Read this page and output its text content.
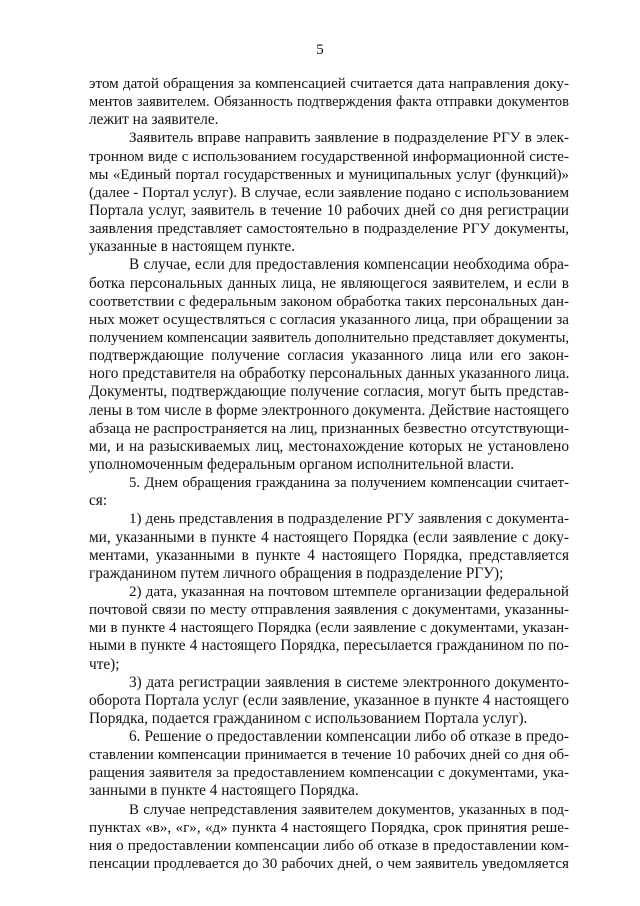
5
этом датой обращения за компенсацией считается дата направления доку-
ментов заявителем. Обязанность подтверждения факта отправки документов
лежит на заявителе.
Заявитель вправе направить заявление в подразделение РГУ в элек-
тронном виде с использованием государственной информационной систе-
мы «Единый портал государственных и муниципальных услуг (функций)»
(далее - Портал услуг). В случае, если заявление подано с использованием
Портала услуг, заявитель в течение 10 рабочих дней со дня регистрации
заявления представляет самостоятельно в подразделение РГУ документы,
указанные в настоящем пункте.
В случае, если для предоставления компенсации необходима обра-
ботка персональных данных лица, не являющегося заявителем, и если в
соответствии с федеральным законом обработка таких персональных дан-
ных может осуществляться с согласия указанного лица, при обращении за
получением компенсации заявитель дополнительно представляет документы,
подтверждающие получение согласия указанного лица или его закон-
ного представителя на обработку персональных данных указанного лица.
Документы, подтверждающие получение согласия, могут быть представ-
лены в том числе в форме электронного документа. Действие настоящего
абзаца не распространяется на лиц, признанных безвестно отсутствующи-
ми, и на разыскиваемых лиц, местонахождение которых не установлено
уполномоченным федеральным органом исполнительной власти.
5. Днем обращения гражданина за получением компенсации считает-
ся:
1) день представления в подразделение РГУ заявления с документа-
ми, указанными в пункте 4 настоящего Порядка (если заявление с доку-
ментами, указанными в пункте 4 настоящего Порядка, представляется
гражданином путем личного обращения в подразделение РГУ);
2) дата, указанная на почтовом штемпеле организации федеральной
почтовой связи по месту отправления заявления с документами, указанны-
ми в пункте 4 настоящего Порядка (если заявление с документами, указан-
ными в пункте 4 настоящего Порядка, пересылается гражданином по по-
чте);
3) дата регистрации заявления в системе электронного документо-
оборота Портала услуг (если заявление, указанное в пункте 4 настоящего
Порядка, подается гражданином с использованием Портала услуг).
6. Решение о предоставлении компенсации либо об отказе в предо-
ставлении компенсации принимается в течение 10 рабочих дней со дня об-
ращения заявителя за предоставлением компенсации с документами, ука-
занными в пункте 4 настоящего Порядка.
В случае непредставления заявителем документов, указанных в под-
пунктах «в», «г», «д» пункта 4 настоящего Порядка, срок принятия реше-
ния о предоставлении компенсации либо об отказе в предоставлении ком-
пенсации продлевается до 30 рабочих дней, о чем заявитель уведомляется
